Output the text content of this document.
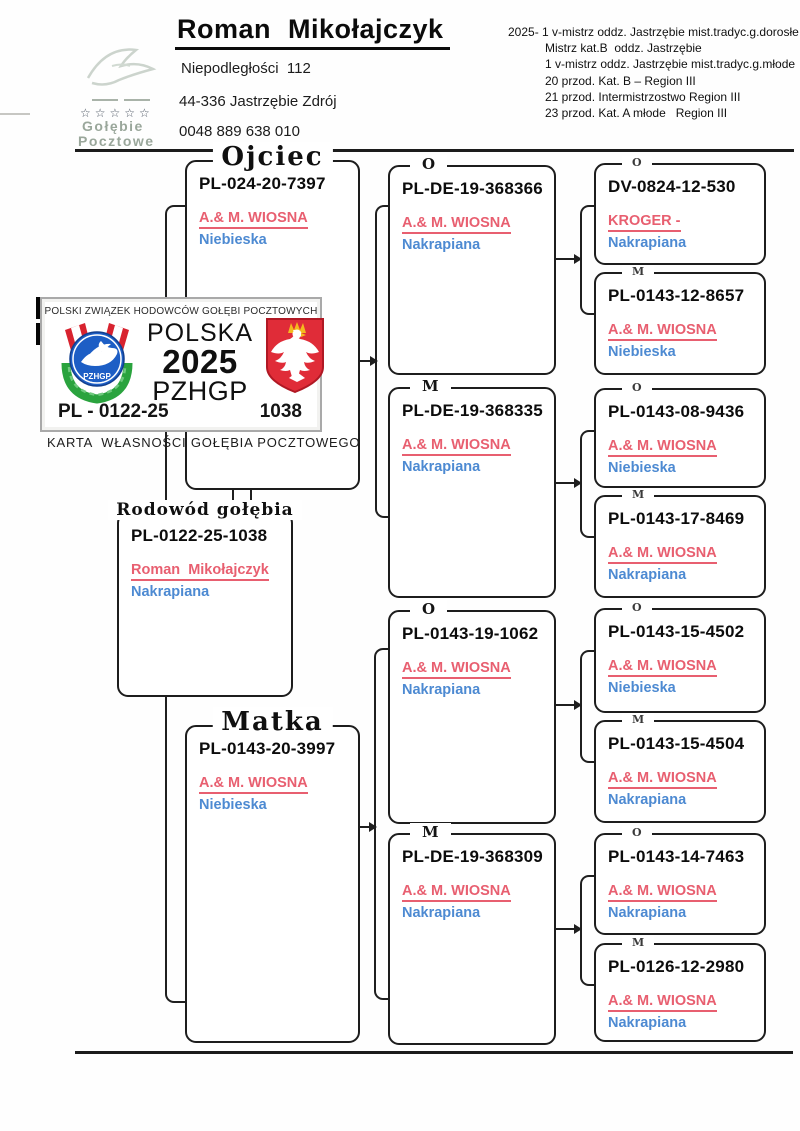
Roman Mikołajczyk
☆☆☆☆☆
Gołębie
Pocztowe
Niepodległości  112
44-336 Jastrzębie Zdrój
0048 889 638 010
2025- 1 v-mistrz oddz. Jastrzębie mist.tradyc.g.dorosłe
Mistrz kat.B  oddz. Jastrzębie
1 v-mistrz oddz. Jastrzębie mist.tradyc.g.młode
20 przod. Kat. B – Region III
21 przod. Intermistrzostwo Region III
23 przod. Kat. A młode   Region III
Ojciec
PL-024-20-7397
A.& M. WIOSNA
Niebieska
Matka
PL-0143-20-3997
A.& M. WIOSNA
Niebieska
Rodowód gołębia
PL-0122-25-1038
Roman  Mikołajczyk
Nakrapiana
O
PL-DE-19-368366
A.& M. WIOSNA
Nakrapiana
M
PL-DE-19-368335
A.& M. WIOSNA
Nakrapiana
O
PL-0143-19-1062
A.& M. WIOSNA
Nakrapiana
M
PL-DE-19-368309
A.& M. WIOSNA
Nakrapiana
O
DV-0824-12-530
KROGER -
Nakrapiana
M
PL-0143-12-8657
A.& M. WIOSNA
Niebieska
O
PL-0143-08-9436
A.& M. WIOSNA
Niebieska
M
PL-0143-17-8469
A.& M. WIOSNA
Nakrapiana
O
PL-0143-15-4502
A.& M. WIOSNA
Niebieska
M
PL-0143-15-4504
A.& M. WIOSNA
Nakrapiana
O
PL-0143-14-7463
A.& M. WIOSNA
Nakrapiana
M
PL-0126-12-2980
A.& M. WIOSNA
Nakrapiana
POLSKI ZWIĄZEK HODOWCÓW GOŁĘBI POCZTOWYCH
PZHGP
POLSKA
2025
PZHGP
PL - 0122-25	1038
KARTA  WŁASNOŚCI GOŁĘBIA POCZTOWEGO
